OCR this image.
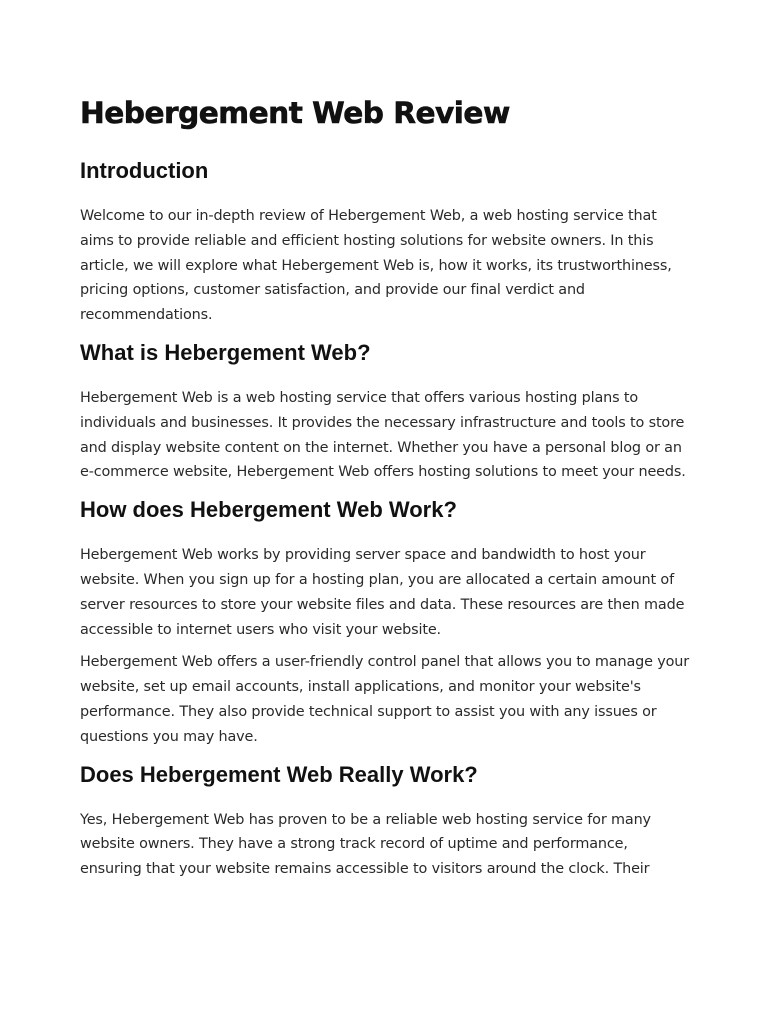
Hebergement Web Review
Introduction

Welcome to our in-depth review of Hebergement Web, a web hosting service that aims to provide reliable and efficient hosting solutions for website owners. In this article, we will explore what Hebergement Web is, how it works, its trustworthiness, pricing options, customer satisfaction, and provide our final verdict and recommendations.

What is Hebergement Web?

Hebergement Web is a web hosting service that offers various hosting plans to individuals and businesses. It provides the necessary infrastructure and tools to store and display website content on the internet. Whether you have a personal blog or an e-commerce website, Hebergement Web offers hosting solutions to meet your needs.

How does Hebergement Web Work?

Hebergement Web works by providing server space and bandwidth to host your website. When you sign up for a hosting plan, you are allocated a certain amount of server resources to store your website files and data. These resources are then made accessible to internet users who visit your website.

Hebergement Web offers a user-friendly control panel that allows you to manage your website, set up email accounts, install applications, and monitor your website's performance. They also provide technical support to assist you with any issues or questions you may have.

Does Hebergement Web Really Work?

Yes, Hebergement Web has proven to be a reliable web hosting service for many website owners. They have a strong track record of uptime and performance, ensuring that your website remains accessible to visitors around the clock. Their
